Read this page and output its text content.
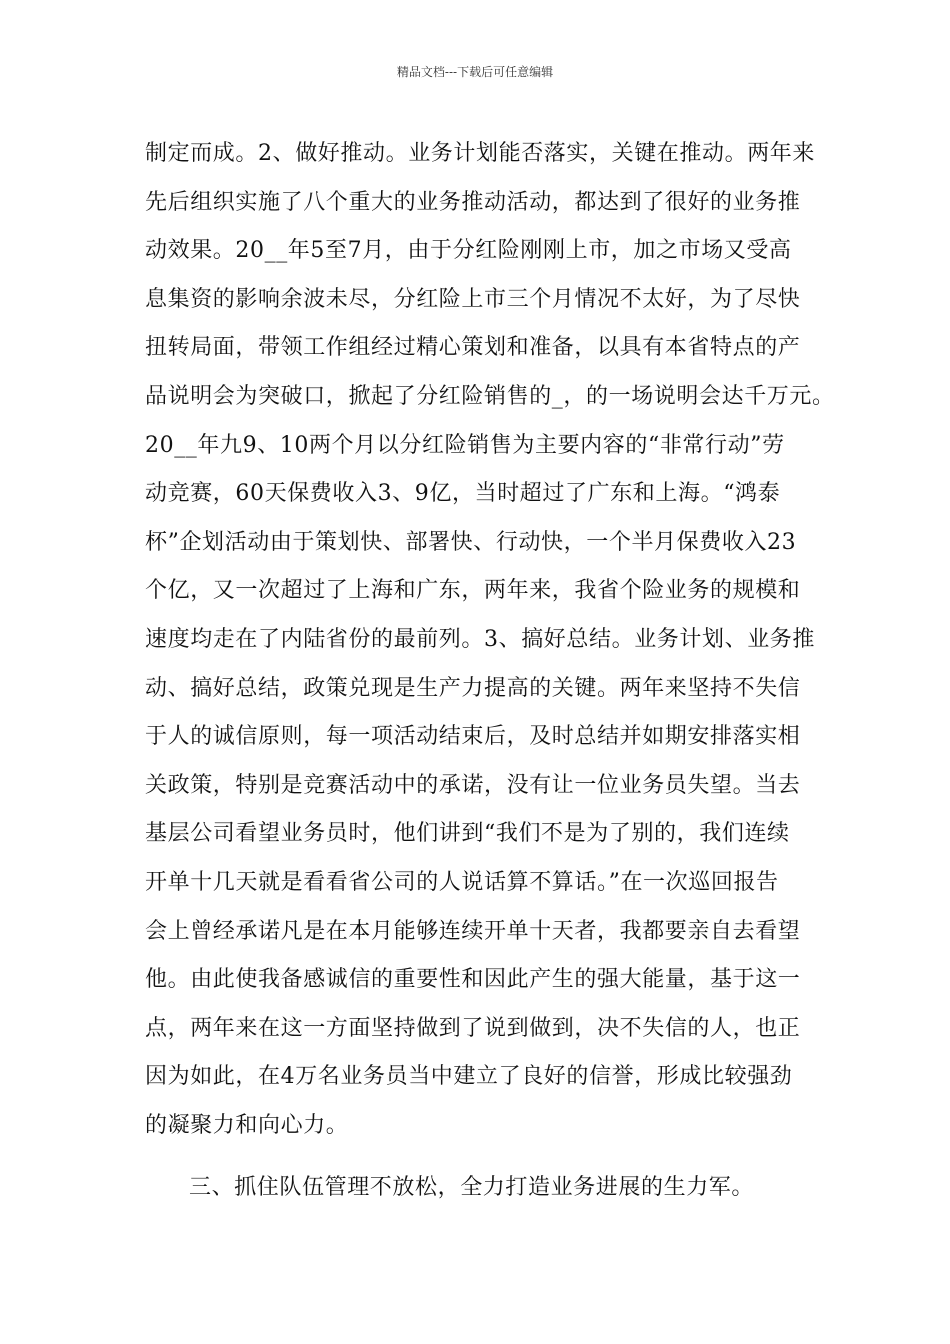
精品文档---下载后可任意编辑
制定而成。2、做好推动。业务计划能否落实，关键在推动。两年来
先后组织实施了八个重大的业务推动活动，都达到了很好的业务推
动效果。20__年5至7月，由于分红险刚刚上市，加之市场又受高
息集资的影响余波未尽，分红险上市三个月情况不太好，为了尽快
扭转局面，带领工作组经过精心策划和准备，以具有本省特点的产
品说明会为突破口，掀起了分红险销售的_，的一场说明会达千万元。
20__年九9、10两个月以分红险销售为主要内容的“非常行动”劳
动竞赛，60天保费收入3、9亿，当时超过了广东和上海。“鸿泰
杯”企划活动由于策划快、部署快、行动快，一个半月保费收入23
个亿，又一次超过了上海和广东，两年来，我省个险业务的规模和
速度均走在了内陆省份的最前列。3、搞好总结。业务计划、业务推
动、搞好总结，政策兑现是生产力提高的关键。两年来坚持不失信
于人的诚信原则，每一项活动结束后，及时总结并如期安排落实相
关政策，特别是竞赛活动中的承诺，没有让一位业务员失望。当去
基层公司看望业务员时，他们讲到“我们不是为了别的，我们连续
开单十几天就是看看省公司的人说话算不算话。”在一次巡回报告
会上曾经承诺凡是在本月能够连续开单十天者，我都要亲自去看望
他。由此使我备感诚信的重要性和因此产生的强大能量，基于这一
点，两年来在这一方面坚持做到了说到做到，决不失信的人，也正
因为如此，在4万名业务员当中建立了良好的信誉，形成比较强劲
的凝聚力和向心力。
三、抓住队伍管理不放松，全力打造业务进展的生力军。
